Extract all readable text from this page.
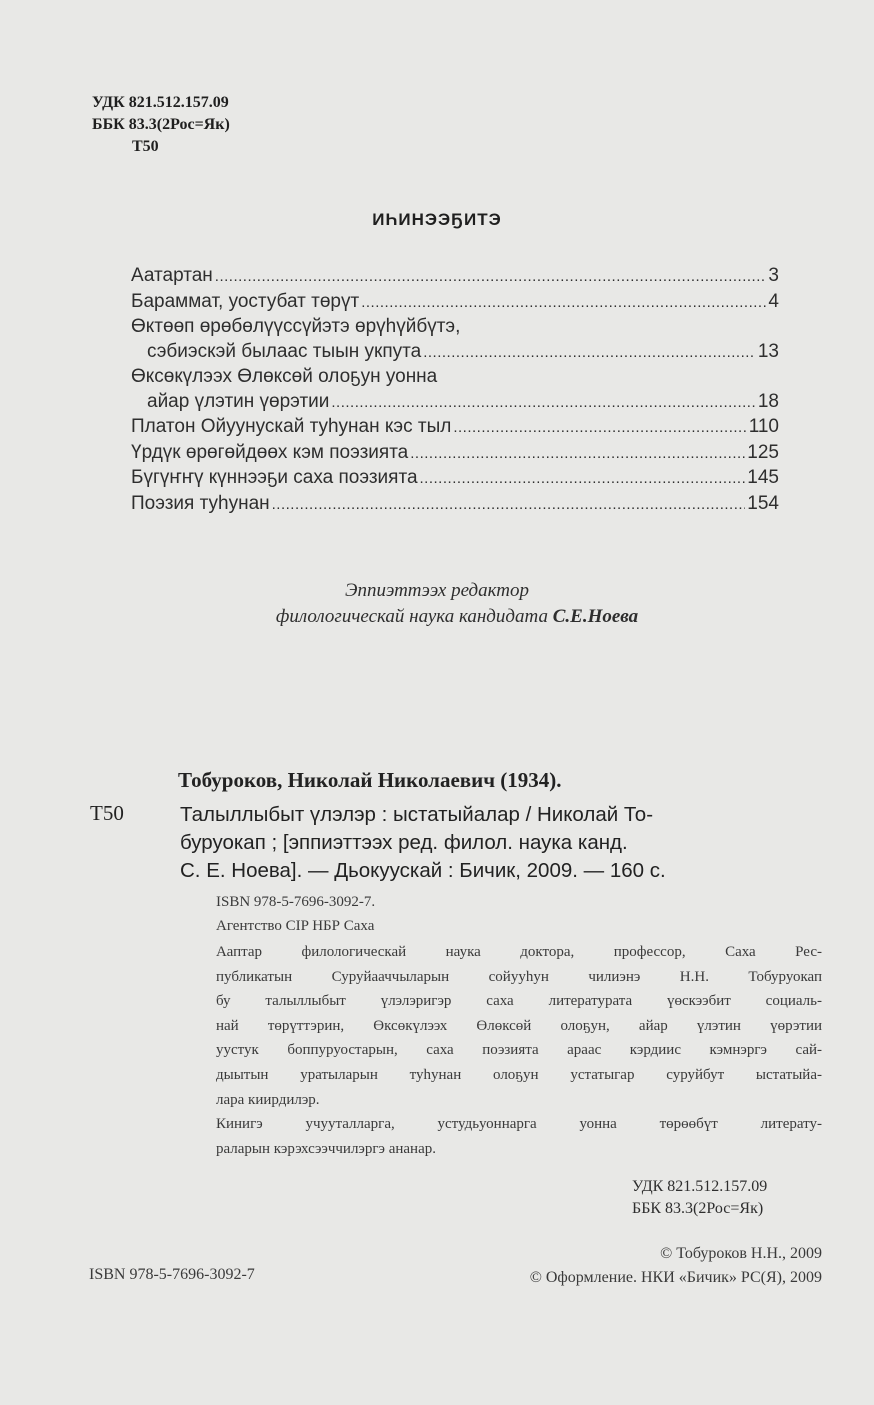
УДК 821.512.157.09
ББК 83.3(2Рос=Як)

Т50
ИҺИНЭЭҔИТЭ
Аатартан .....	3
Бараммат, уостубат төрүт .....	4
Өктөөп өрөбөлүүссүйэтэ өрүһүйбүтэ,
сэбиэскэй былаас тыын укпута .....	13
Өксөкүлээх Өлөксөй олоҕун уонна
айар үлэтин үөрэтии .....	18
Платон Ойуунускай туһунан кэс тыл .....	110
Үрдүк өрөгөйдөөх кэм поэзията .....	125
Бүгүҥҥү күннээҕи саха поэзията .....	145
Поэзия туһунан .....	154
Эппиэттээх редактор
филологическай наука кандидата С.Е.Ноева
Тобуроков, Николай Николаевич (1934).
Т50	Талыллыбыт үлэлэр : ыстатыйалар / Николай То-
буруокап ; [эппиэттээх ред. филол. наука канд.
С. Е. Ноева]. — Дьокуускай : Бичик, 2009. — 160 с.
ISBN 978-5-7696-3092-7.
Агентство CIP НБР Саха
Ааптар филологическай наука доктора, профессор, Саха Рес-
публикатын Суруйааччыларын сойууһун чилиэнэ Н.Н. Тобуруокап
бу талыллыбыт үлэлэригэр саха литературата үөскээбит социаль-
най төрүттэрин, Өксөкүлээх Өлөксөй олоҕун, айар үлэтин үөрэтии
уустук боппуруостарын, саха поэзията араас кэрдиис кэмнэргэ сай-
дыытын уратыларын туһунан олоҕун устатыгар суруйбут ыстатыйа-
лара киирдилэр.
Кинигэ учууталларга, устудьуоннарга уонна төрөөбүт литерату-
раларын кэрэхсээччилэргэ ананар.
УДК 821.512.157.09
ББК 83.3(2Рос=Як)
ISBN 978-5-7696-3092-7
© Тобуроков Н.Н., 2009
© Оформление. НКИ «Бичик» РС(Я), 2009
